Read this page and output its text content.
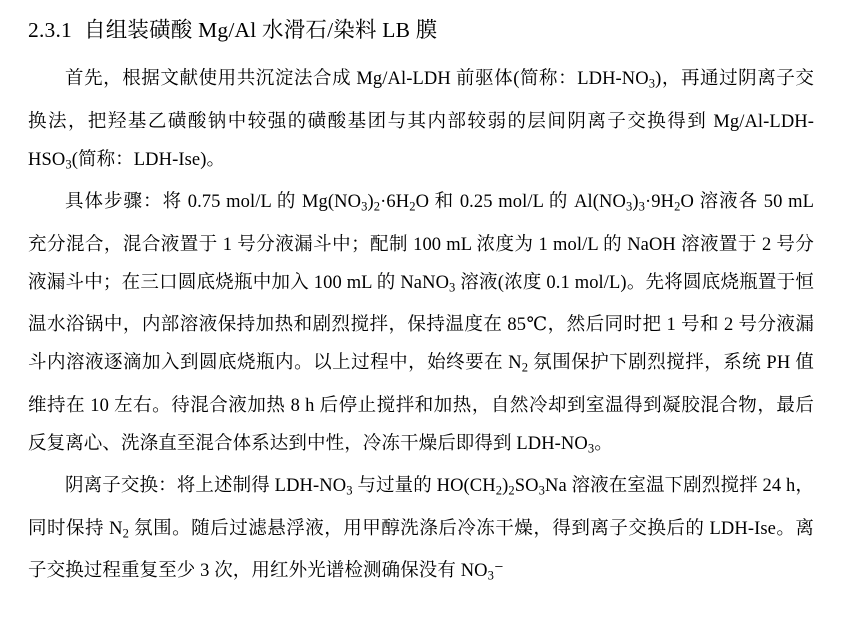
2.3.1 自组装磺酸 Mg/Al 水滑石/染料 LB 膜

首先，根据文献使用共沉淀法合成 Mg/Al-LDH 前驱体(简称：LDH-$NO_3$)，再通过阴离子交换法，把羟基乙磺酸钠中较强的磺酸基团与其内部较弱的层间阴离子交换得到 $Mg/Al-LDH-HSO_3$(简称：LDH-Ise)。

具体步骤：将 0.75 mol/L 的 $Mg(NO_3)_2\cdot 6H_2O$ 和 0.25 mol/L 的 $Al(NO_3)_3\cdot 9H_2O$ 溶液各 50 mL 充分混合，混合液置于 1 号分液漏斗中；配制 100 mL 浓度为 1 mol/L 的 NaOH 溶液置于 2 号分液漏斗中；在三口圆底烧瓶中加入 100 mL 的 NaNO$_3$ 溶液(浓度 0.1 mol/L)。先将圆底烧瓶置于恒温水浴锅中，内部溶液保持加热和剧烈搅拌，保持温度在 85℃，然后同时把 1 号和 2 号分液漏斗内溶液逐滴加入到圆底烧瓶内。以上过程中，始终要在 $N_2$ 氛围保护下剧烈搅拌，系统 PH 值维持在 10 左右。待混合液加热 8 h 后停止搅拌和加热，自然冷却到室温得到凝胶混合物，最后反复离心、洗涤直至混合体系达到中性，冷冻干燥后即得到 LDH-$NO_3$。

阴离子交换：将上述制得 LDH-$NO_3$ 与过量的 $HO(CH_2)_2SO_3Na$ 溶液在室温下剧烈搅拌 24 h，同时保持 $N_2$ 氛围。随后过滤悬浮液，用甲醇洗涤后冷冻干燥，得到离子交换后的 LDH-Ise。离子交换过程重复至少 3 次，用红外光谱检测确保没有 $NO_3^-$
